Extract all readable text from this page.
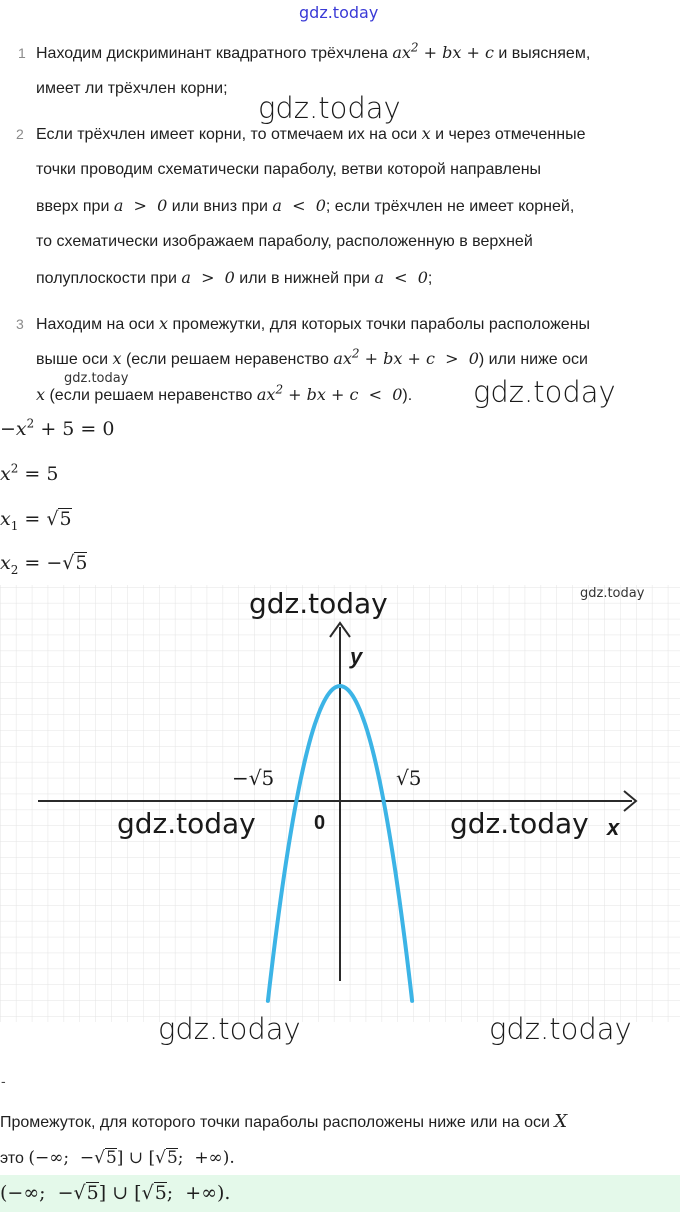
gdz.today
1 Находим дискриминант квадратного трёхчлена $ax^2$ + bx + c и выясняем,
имеет ли трёхчлен корни;
gdz.today
2 Если трёхчлен имеет корни, то отмечаем их на оси x и через отмеченные
точки проводим схематически параболу, ветви которой направлены
вверх при a  >  0 или вниз при a  <  0; если трёхчлен не имеет корней,
то схематически изображаем параболу, расположенную в верхней
полуплоскости при a  >  0 или в нижней при a  <  0;
3 Находим на оси x промежутки, для которых точки параболы расположены
выше оси x (если решаем неравенство $ax^2$ + bx + c  >  0) или ниже оси
gdz.today
x (если решаем неравенство $ax^2$ + bx + c  <  0). gdz.today
$-x^2 + 5 = 0$
$x^2 = 5$
$x_1 = √5$
$x_2 = -√5$
y
x
0
−√5	√5
gdz.today	gdz.today
gdz.today	gdz.today
gdz.today	gdz.today
-
Промежуток, для которого точки параболы расположены ниже или на оси X
это (−∞;  −√5] ∪ [√5;  +∞).
(−∞;  −√5] ∪ [√5;  +∞).
